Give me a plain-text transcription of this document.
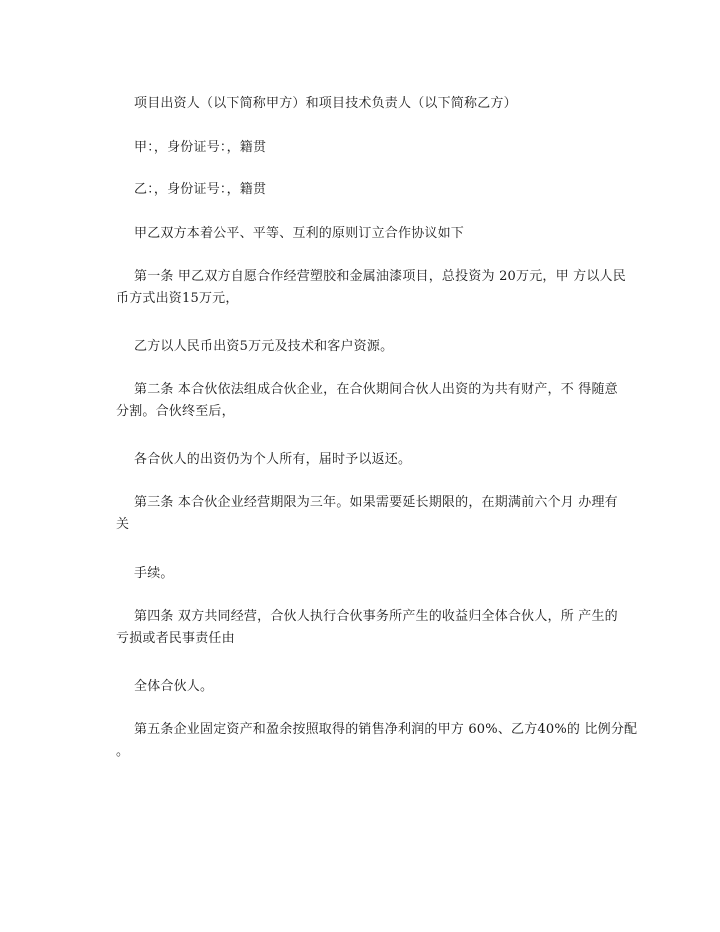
项目出资人（以下简称甲方）和项目技术负责人（以下简称乙方）
甲：，身份证号：，籍贯
乙：，身份证号：，籍贯
甲乙双方本着公平、平等、互利的原则订立合作协议如下
第一条 甲乙双方自愿合作经营塑胶和金属油漆项目，总投资为 20万元，甲 方以人民
币方式出资15万元，
乙方以人民币出资5万元及技术和客户资源。
第二条 本合伙依法组成合伙企业，在合伙期间合伙人出资的为共有财产，不 得随意
分割。合伙终至后，
各合伙人的出资仍为个人所有，届时予以返还。
第三条 本合伙企业经营期限为三年。如果需要延长期限的，在期满前六个月 办理有
关
手续。
第四条 双方共同经营，合伙人执行合伙事务所产生的收益归全体合伙人，所 产生的
亏损或者民事责任由
全体合伙人。
第五条企业固定资产和盈余按照取得的销售净利润的甲方 60%、乙方40%的 比例分配
。
